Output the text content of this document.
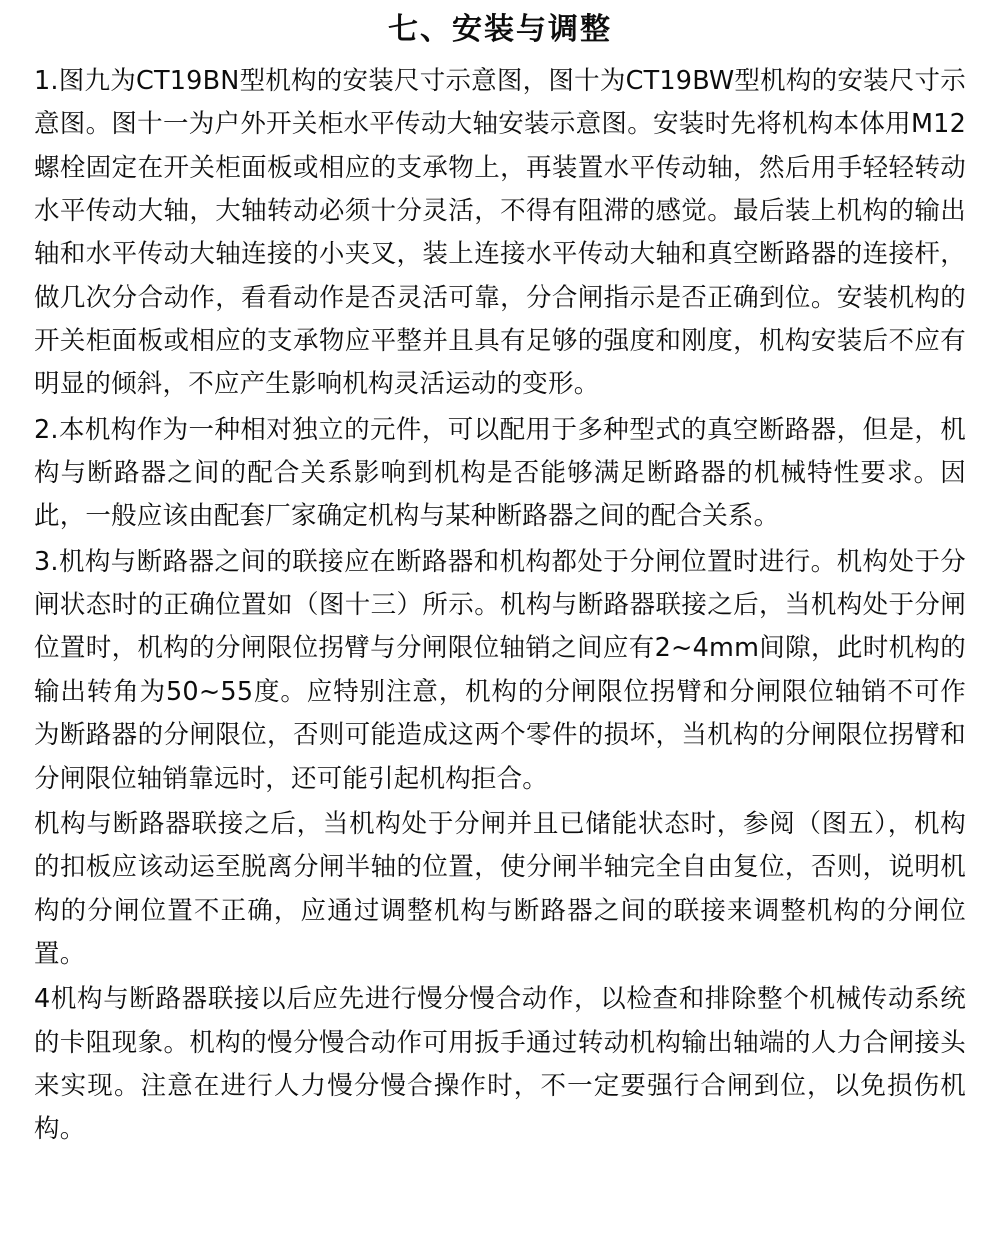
七、安装与调整

1.图九为CT19BN型机构的安装尺寸示意图，图十为CT19BW型机构的安装尺寸示意图。图十一为户外开关柜水平传动大轴安装示意图。安装时先将机构本体用M12螺栓固定在开关柜面板或相应的支承物上，再装置水平传动轴，然后用手轻轻转动水平传动大轴，大轴转动必须十分灵活，不得有阻滞的感觉。最后装上机构的输出轴和水平传动大轴连接的小夹叉，装上连接水平传动大轴和真空断路器的连接杆，做几次分合动作，看看动作是否灵活可靠，分合闸指示是否正确到位。安装机构的开关柜面板或相应的支承物应平整并且具有足够的强度和刚度，机构安装后不应有明显的倾斜，不应产生影响机构灵活运动的变形。

2.本机构作为一种相对独立的元件，可以配用于多种型式的真空断路器，但是，机构与断路器之间的配合关系影响到机构是否能够满足断路器的机械特性要求。因此，一般应该由配套厂家确定机构与某种断路器之间的配合关系。

3.机构与断路器之间的联接应在断路器和机构都处于分闸位置时进行。机构处于分闸状态时的正确位置如（图十三）所示。机构与断路器联接之后，当机构处于分闸位置时，机构的分闸限位拐臂与分闸限位轴销之间应有2~4mm间隙，此时机构的输出转角为50~55度。应特别注意，机构的分闸限位拐臂和分闸限位轴销不可作为断路器的分闸限位，否则可能造成这两个零件的损坏，当机构的分闸限位拐臂和分闸限位轴销靠远时，还可能引起机构拒合。

机构与断路器联接之后，当机构处于分闸并且已储能状态时，参阅（图五），机构的扣板应该动运至脱离分闸半轴的位置，使分闸半轴完全自由复位，否则，说明机构的分闸位置不正确，应通过调整机构与断路器之间的联接来调整机构的分闸位置。

4机构与断路器联接以后应先进行慢分慢合动作，以检查和排除整个机械传动系统的卡阻现象。机构的慢分慢合动作可用扳手通过转动机构输出轴端的人力合闸接头来实现。注意在进行人力慢分慢合操作时，不一定要强行合闸到位，以免损伤机构。
